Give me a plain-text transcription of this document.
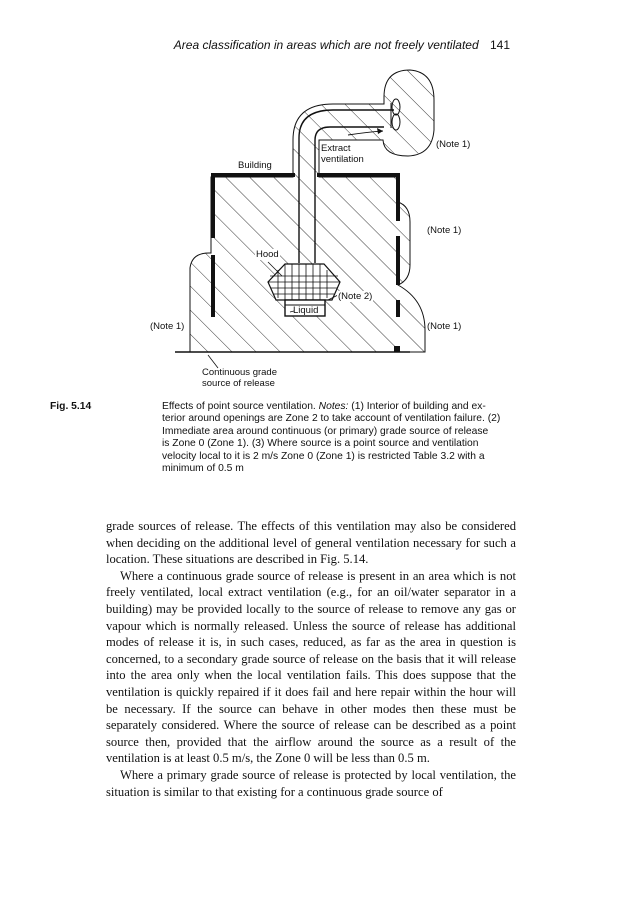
Area classification in areas which are not freely ventilated 141
Building
Extract
ventilation
(Note 1)
(Note 1)
(Note 1)
(Note 1)
Hood
(Note 2)
Liquid
Continuous grade
source of release

Fig. 5.14	Effects of point source ventilation. Notes: (1) Interior of building and ex-
terior around openings are Zone 2 to take account of ventilation failure. (2)
Immediate area around continuous (or primary) grade source of release
is Zone 0 (Zone 1). (3) Where source is a point source and ventilation
velocity local to it is 2 m/s Zone 0 (Zone 1) is restricted Table 3.2 with a
minimum of 0.5 m

grade sources of release. The effects of this ventilation may also be considered when deciding on the additional level of general ventilation necessary for such a location. These situations are described in Fig. 5.14.

Where a continuous grade source of release is present in an area which is not freely ventilated, local extract ventilation (e.g., for an oil/water separator in a building) may be provided locally to the source of release to remove any gas or vapour which is normally released. Unless the source of release has additional modes of release it is, in such cases, reduced, as far as the area in question is concerned, to a secondary grade source of release on the basis that it will release into the area only when the local ventilation fails. This does suppose that the ventilation is quickly repaired if it does fail and here repair within the hour will be necessary. If the source can behave in other modes then these must be separately considered. Where the source of release can be described as a point source then, provided that the airflow around the source as a result of the ventilation is at least 0.5 m/s, the Zone 0 will be less than 0.5 m.

Where a primary grade source of release is protected by local ventilation, the situation is similar to that existing for a continuous grade source of
